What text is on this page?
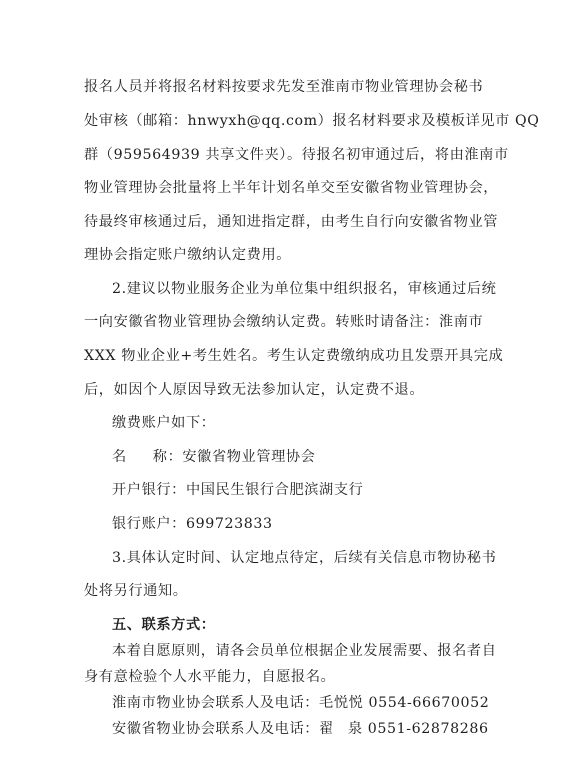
报名人员并将报名材料按要求先发至淮南市物业管理协会秘书
处审核（邮箱：hnwyxh@qq.com）报名材料要求及模板详见市 QQ
群（959564939 共享文件夹）。待报名初审通过后，将由淮南市
物业管理协会批量将上半年计划名单交至安徽省物业管理协会，
待最终审核通过后，通知进指定群，由考生自行向安徽省物业管
理协会指定账户缴纳认定费用。
2.建议以物业服务企业为单位集中组织报名，审核通过后统
一向安徽省物业管理协会缴纳认定费。转账时请备注：淮南市
XXX 物业企业+考生姓名。考生认定费缴纳成功且发票开具完成
后，如因个人原因导致无法参加认定，认定费不退。
缴费账户如下：
名 称：安徽省物业管理协会
开户银行：中国民生银行合肥滨湖支行
银行账户：699723833
3.具体认定时间、认定地点待定，后续有关信息市物协秘书
处将另行通知。
五、联系方式：
本着自愿原则，请各会员单位根据企业发展需要、报名者自
身有意检验个人水平能力，自愿报名。
淮南市物业协会联系人及电话：毛悦悦 0554-66670052
安徽省物业协会联系人及电话：翟 泉 0551-62878286
